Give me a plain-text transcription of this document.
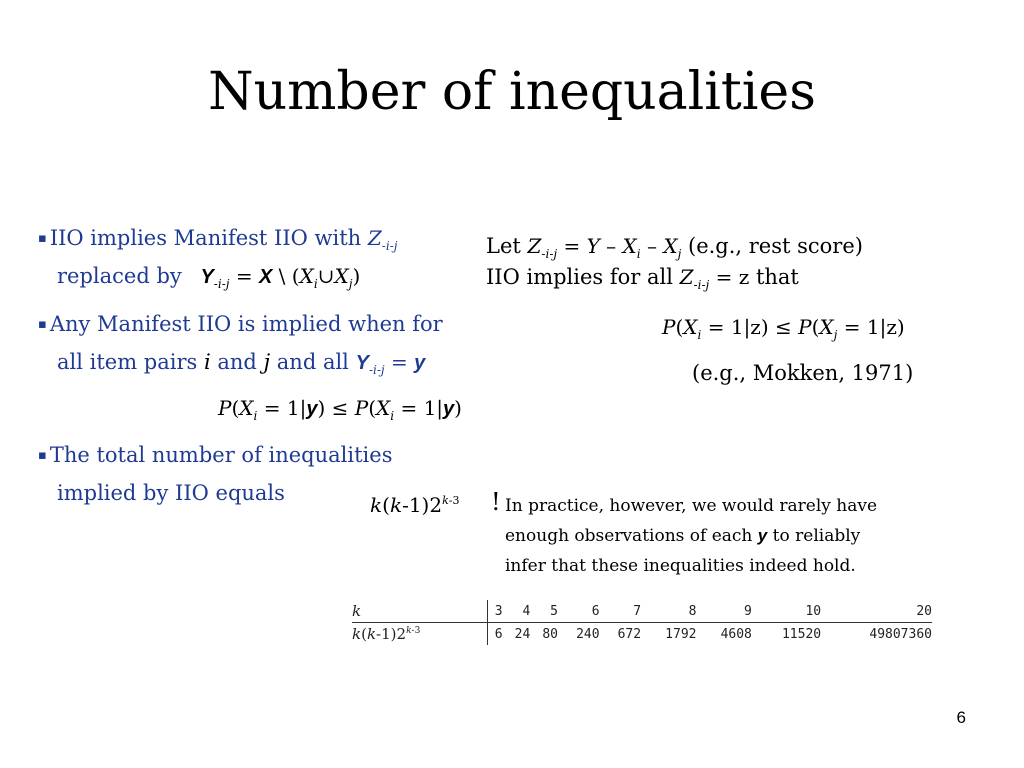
Number of inequalities
▪ IIO implies Manifest IIO with $Z_{-i-j}$
replaced by $Y_{-i-j} = X$ \ $(X_i\cup X_j)$
▪ Any Manifest IIO is implied when for
all item pairs i and j and all $Y_{-i-j} = y$
$P(X_i = 1|y) \le P(X_i = 1|y)$
▪ The total number of inequalities
implied by IIO equals	k(k-1)2$^{k-3}$
Let $Z_{-i-j} = Y - X_i - X_j$ (e.g., rest score)
IIO implies for all $Z_{-i-j} = z$ that
$P(X_i = 1|z) \le P(X_j = 1|z)$
(e.g., Mokken, 1971)
! In practice, however, we would rarely have
enough observations of each y to reliably
infer that these inequalities indeed hold.
k	3	4	5	6	7	8	9	10	20
k(k-1)2$^{k-3}$	6	24	80	240	672	1792	4608	11520	49807360
6
